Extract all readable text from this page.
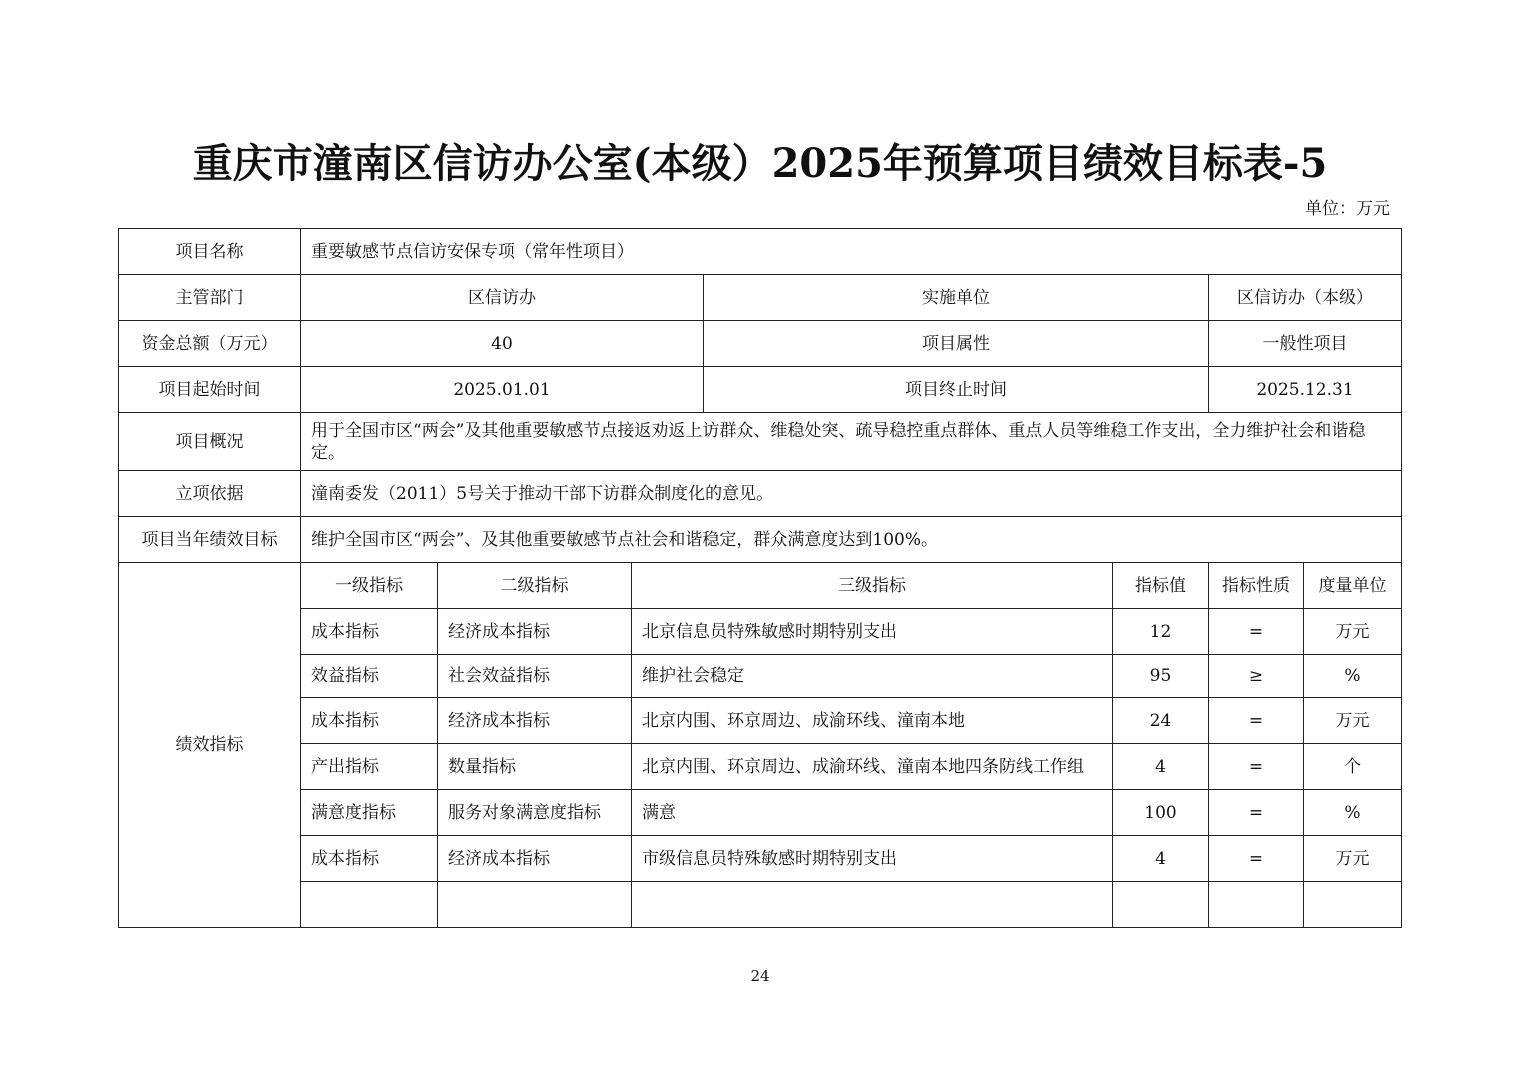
重庆市潼南区信访办公室(本级）2025年预算项目绩效目标表-5
单位：万元
项目名称	重要敏感节点信访安保专项（常年性项目）						
主管部门	区信访办			实施单位		区信访办（本级）	
资金总额（万元）	40			项目属性		一般性项目	
项目起始时间	2025.01.01			项目终止时间		2025.12.31	
项目概况	用于全国市区“两会”及其他重要敏感节点接返劝返上访群众、维稳处突、疏导稳控重点群体、重点人员等维稳工作支出，全力维护社会和谐稳定。						
立项依据	潼南委发（2011）5号关于推动干部下访群众制度化的意见。						
项目当年绩效目标	维护全国市区“两会”、及其他重要敏感节点社会和谐稳定，群众满意度达到100%。						
绩效指标	一级指标	二级指标	三级指标		指标值	指标性质	度量单位
	成本指标	经济成本指标	北京信息员特殊敏感时期特别支出		12	=	万元
	效益指标	社会效益指标	维护社会稳定		95	≥	%
	成本指标	经济成本指标	北京内围、环京周边、成渝环线、潼南本地		24	=	万元
	产出指标	数量指标	北京内围、环京周边、成渝环线、潼南本地四条防线工作组		4	=	个
	满意度指标	服务对象满意度指标	满意		100	=	%
	成本指标	经济成本指标	市级信息员特殊敏感时期特别支出		4	=	万元

24
